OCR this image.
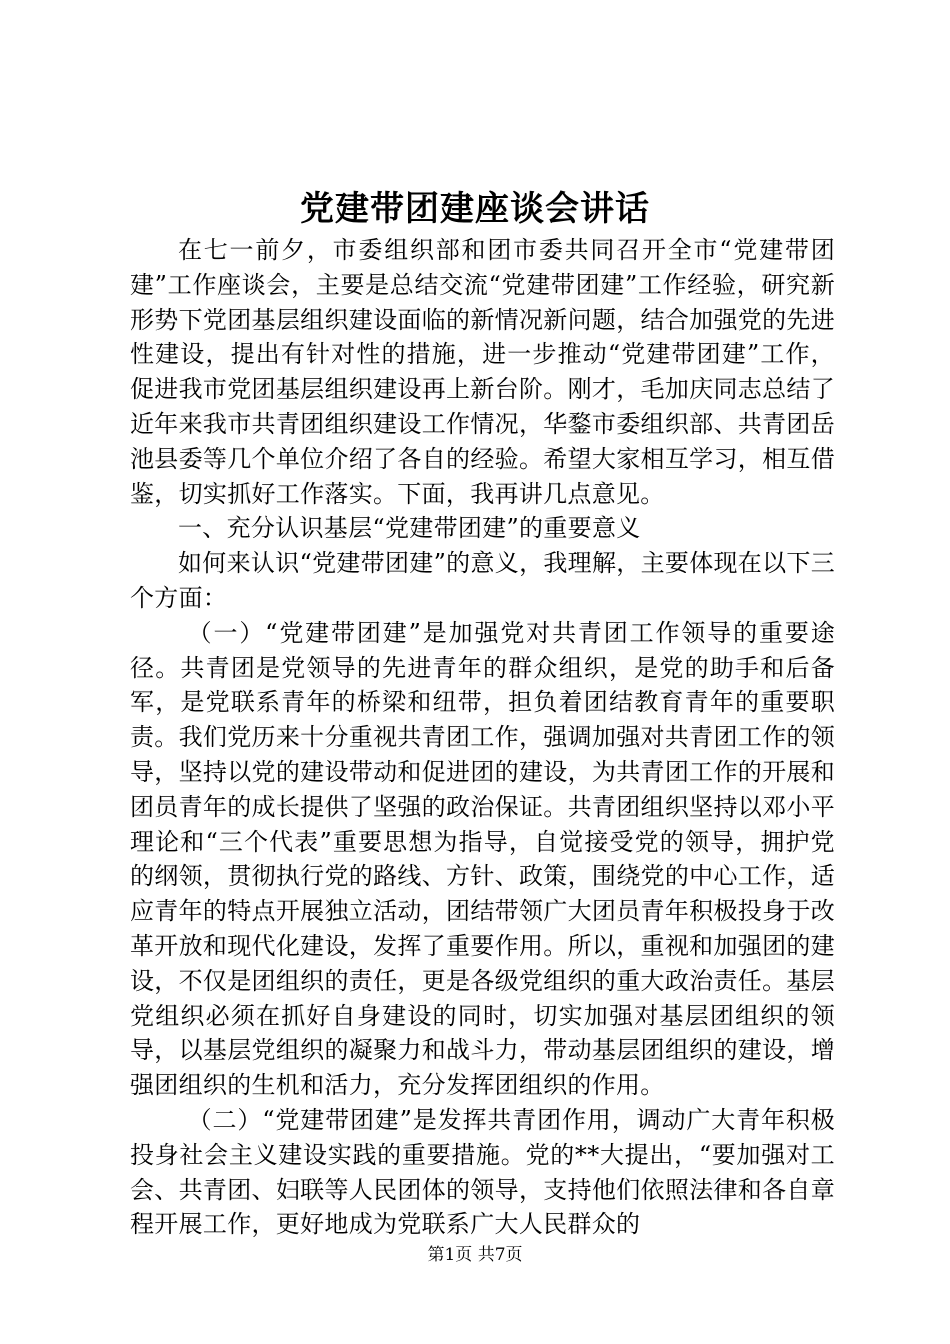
党建带团建座谈会讲话

在七一前夕，市委组织部和团市委共同召开全市“党建带团建”工作座谈会，主要是总结交流“党建带团建”工作经验，研究新形势下党团基层组织建设面临的新情况新问题，结合加强党的先进性建设，提出有针对性的措施，进一步推动“党建带团建”工作，促进我市党团基层组织建设再上新台阶。刚才，毛加庆同志总结了近年来我市共青团组织建设工作情况，华鍪市委组织部、共青团岳池县委等几个单位介绍了各自的经验。希望大家相互学习，相互借鉴，切实抓好工作落实。下面，我再讲几点意见。

一、充分认识基层“党建带团建”的重要意义

如何来认识“党建带团建”的意义，我理解，主要体现在以下三个方面：

（一）“党建带团建”是加强党对共青团工作领导的重要途径。共青团是党领导的先进青年的群众组织，是党的助手和后备军，是党联系青年的桥梁和纽带，担负着团结教育青年的重要职责。我们党历来十分重视共青团工作，强调加强对共青团工作的领导，坚持以党的建设带动和促进团的建设，为共青团工作的开展和团员青年的成长提供了坚强的政治保证。共青团组织坚持以邓小平理论和“三个代表”重要思想为指导，自觉接受党的领导，拥护党的纲领，贯彻执行党的路线、方针、政策，围绕党的中心工作，适应青年的特点开展独立活动，团结带领广大团员青年积极投身于改革开放和现代化建设，发挥了重要作用。所以，重视和加强团的建设，不仅是团组织的责任，更是各级党组织的重大政治责任。基层党组织必须在抓好自身建设的同时，切实加强对基层团组织的领导，以基层党组织的凝聚力和战斗力，带动基层团组织的建设，增强团组织的生机和活力，充分发挥团组织的作用。

（二）“党建带团建”是发挥共青团作用，调动广大青年积极投身社会主义建设实践的重要措施。党的**大提出，“要加强对工会、共青团、妇联等人民团体的领导，支持他们依照法律和各自章程开展工作，更好地成为党联系广大人民群众的

第1页 共7页
